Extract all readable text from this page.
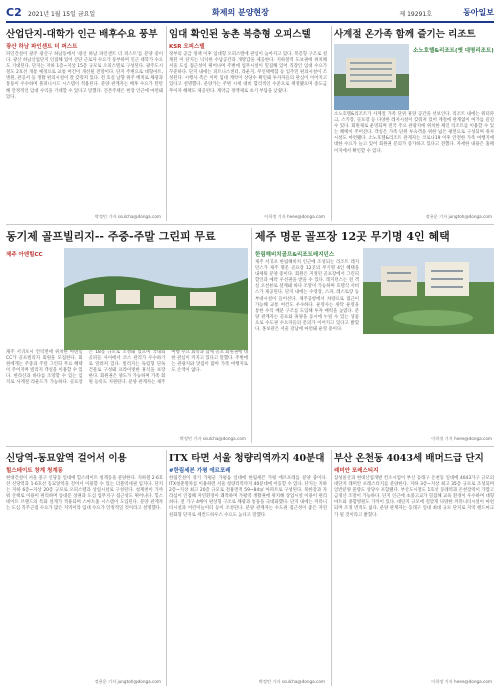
C2 2021년 1월 15일 금요일	화제의 분양현장	제 19291호	동아일보
산업단지-대학가 인근 배후수요 풍부
광산 하남 파인센트 더 퍼스트
파인건설이 광주 광산구 하남동에서 '광산 하남 파인센트 더 퍼스트'를 분양 중이다. 광산 하남산업단지 인접해 있어 산단 근로자 수요가 풍부하며 인근 대학가 수요도 기대된다. 단지는 지하 1층~지상 15층 규모로 오피스텔로 구성된다. 광주도시철도 2호선 개통 예정으로 교통 여건이 개선될 전망이다. 단지 주변으로 대형마트, 병원, 관공서 등 생활 편의시설이 잘 갖춰져 있다. 전 호실 남향 위주 배치로 채광과 통풍이 우수하며 풀퍼니시드 시스템이 적용된다. 분양 관계자는 배후 수요가 탄탄해 안정적인 임대 수익을 기대할 수 있다고 말했다. 견본주택은 현장 인근에 마련돼 있다.
박정민 기자 ssulcha@donga.com
임대 확인된 농촌 복층형 오피스텔
KSR 오피스텔
정부의 공급 정책 이후 임대형 오피스텔에 관심이 높아지고 있다. 복층형 구조로 설계된 이 단지는 넉넉한 수납공간과 개방감을 제공한다. 지하철역 도보권에 위치해 서울 도심 접근성이 뛰어나며 주변에 업무시설이 밀집해 있어 직장인 임대 수요가 꾸준하다. 단지 내에는 피트니스센터, 라운지, 무인택배함 등 입주민 편의시설이 조성된다. 시행사 측은 이미 임대 계약이 상당수 확인돼 투자자들의 관심이 이어지고 있다고 설명했다. 분양가는 주변 시세 대비 합리적인 수준으로 책정됐으며 중도금 무이자 혜택도 제공된다. 계약금 정액제로 초기 부담을 낮췄다.
이희정 기자 heee@donga.com
사계절 온가족 함께 즐기는 리조트
소노호텔&리조트(옛 대명리조트)
소노호텔&리조트가 사계절 가족 단위 휴양 공간을 선보인다. 리조트 내에는 워터파크, 스키장, 골프장 등 다양한 레저시설이 갖춰져 있어 계절에 관계없이 여가를 즐길 수 있다. 회원제로 운영되며 전국 주요 관광지에 위치한 체인 리조트를 이용할 수 있는 혜택이 주어진다. 객실은 가족 단위 투숙객을 위한 넓은 평면으로 구성되며 취사 시설도 마련됐다. 소노호텔&리조트 관계자는 코로나19 이후 안전한 가족 여행지에 대한 수요가 늘고 있어 회원권 문의가 증가하고 있다고 전했다. 자세한 내용은 홈페이지에서 확인할 수 있다.
정용운 기자 jungtoh@donga.com
동기제 골프빌리지-- 주중-주말 그린피 무료
제주 아덴힐CC
제주 서귀포시 안덕면에 위치한 아덴힐CC가 골프빌리지 회원을 모집한다. 회원에게는 주중과 주말 그린피 무료 혜택이 주어지며 빌리지 객실을 이용할 수 있다. 한라산과 바다를 조망할 수 있는 입지로 사계절 라운드가 가능하다. 골프장은 18홀 규모로 조성돼 있으며 국내외 골퍼들 사이에서 코스 관리가 우수하기로 알려져 있다. 빌리지는 독립형 단독 건물로 구성돼 프라이빗한 휴식을 보장한다. 회원권은 양도가 가능하며 가족 회원 등록도 지원된다. 분양 관계자는 제주 여행 수요 회복과 함께 골프 회원권에 대한 관심이 커지고 있다고 말했다. 주변에는 관광지와 맛집이 많아 가족 여행지로도 손색이 없다.
박정민 기자 ssulcha@donga.com
제주 명문 골프장 12곳 무기명 4인 혜택
한림해비치골프&리조트레지던스
제주 서귀포 한림해비치 인근에 조성되는 리조트 레지던스가 제주 명문 골프장 12곳의 무기명 4인 혜택을 내세워 분양 중이다. 회원은 지정된 골프장에서 그린피 할인과 예약 우선권을 받을 수 있다. 레지던스는 전 객실 오션뷰로 설계돼 바다 조망이 가능하며 호텔식 서비스가 제공된다. 단지 내에는 수영장, 스파, 레스토랑 등 부대시설이 들어선다. 제주공항에서 차량으로 접근이 가능해 교통 여건도 우수하다. 운영사는 위탁 운영을 통한 수익 배분 구조를 도입해 투자 매력을 높였다. 분양 관계자는 골프와 휴양을 동시에 누릴 수 있는 상품으로 수도권 수요자들의 문의가 이어지고 있다고 밝혔다. 홍보관은 서울 강남에 마련돼 운영 중이다.
이희정 기자 heee@donga.com
신당역-동묘앞역 걸어서 이용
힐스테이트 창계 청계동
현대건설이 서울 중구 신당동 일대에 힐스테이트 청계동을 분양한다. 지하철 2·6호선 신당역과 1·6호선 동묘앞역을 걸어서 이용할 수 있는 더블역세권 입지다. 단지는 지하 6층~지상 20층 규모로 오피스텔과 상업시설로 구성된다. 청계천이 가까워 산책로 이용이 편리하며 동대문 상권과 도심 업무지구 접근성도 뛰어나다. 힐스테이트 브랜드의 특화 설계가 적용되며 스마트홈 시스템이 도입된다. 분양 관계자는 도심 직주근접 수요가 많은 지역이라 임대 수요가 안정적일 것이라고 설명했다.
정용운 기자 jungtoh@donga.com
ITX 타면 서울 청량리역까지 40분대
#한림세븐 가평 에르포레
한림건설이 경기 가평군 가평읍 일대에 한림세븐 가평 에르포레를 분양 중이다. ITX청춘열차를 이용하면 서울 청량리역까지 40분대에 이동할 수 있다. 단지는 지하 2층~지상 최고 20층 규모로 전용면적 59~84㎡ 아파트로 구성된다. 북한강과 자라섬이 인접해 자연환경이 쾌적하며 가평역 생활권에 위치해 상업시설 이용이 편리하다. 전 가구 4베이 판상형 구조로 채광과 통풍을 극대화했다. 단지 내에는 커뮤니티시설과 어린이놀이터 등이 조성된다. 분양 관계자는 수도권 접근성이 좋은 자연 친화형 단지로 세컨드하우스 수요도 높다고 말했다.
박정민 기자 ssulcha@donga.com
부산 온천동 4043세 배머드급 단지
래미안 포레스티지
삼성물산과 현대산업개발 컨소시엄이 부산 동래구 온천동 일대에 4043가구 규모의 대단지 래미안 포레스티지를 분양한다. 지하 3층~지상 최고 35층 규모로 조성되며 일반분양 물량도 상당수 포함됐다. 부산도시철도 1호선 동래역과 온천장역이 가깝고 금정산 조망이 가능하다. 단지 인근에 초중고교가 밀집해 교육 환경이 우수하며 대형마트와 종합병원도 가까이 있다. 대단지 규모에 걸맞게 다양한 커뮤니티시설이 마련되며 조경 면적도 넓다. 분양 관계자는 동래구 일대 최대 규모 단지로 지역 랜드마크가 될 것이라고 밝혔다.
이희정 기자 heee@donga.com
